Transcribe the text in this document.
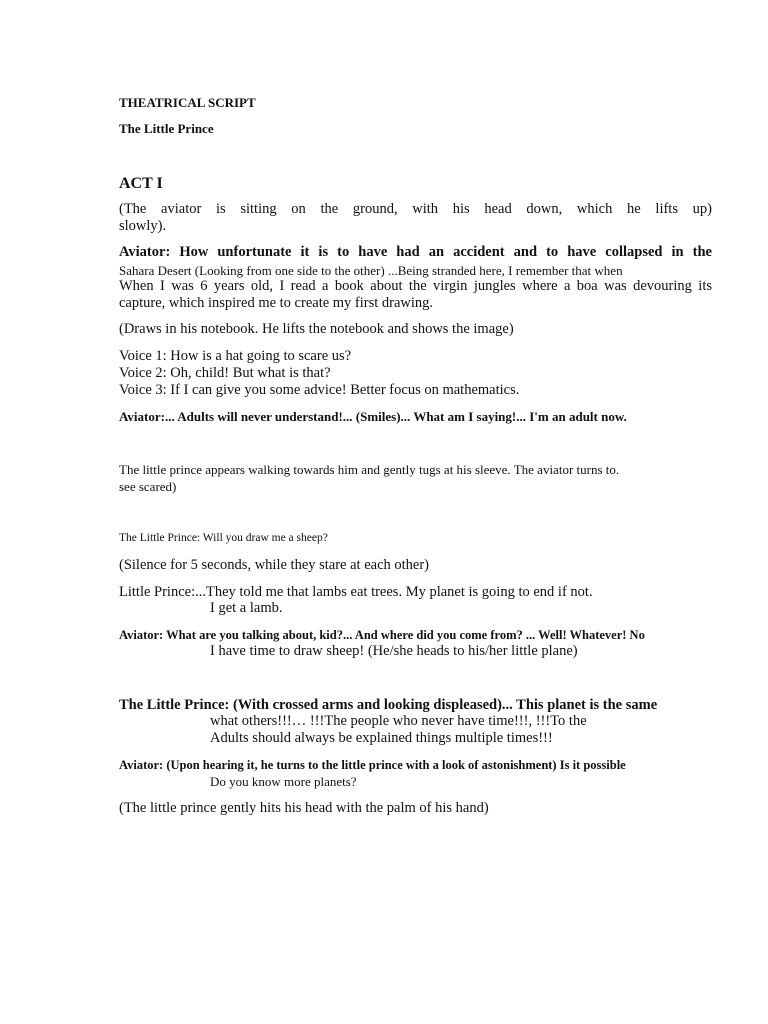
THEATRICAL SCRIPT
The Little Prince
ACT I
(The aviator is sitting on the ground, with his head down, which he lifts up)
slowly).
Aviator: How unfortunate it is to have had an accident and to have collapsed in the
Sahara Desert (Looking from one side to the other) ...Being stranded here, I remember that when
When I was 6 years old, I read a book about the virgin jungles where a boa was devouring its
capture, which inspired me to create my first drawing.
(Draws in his notebook. He lifts the notebook and shows the image)
Voice 1: How is a hat going to scare us?
Voice 2: Oh, child! But what is that?
Voice 3: If I can give you some advice! Better focus on mathematics.
Aviator:... Adults will never understand!... (Smiles)... What am I saying!... I'm an adult now.
The little prince appears walking towards him and gently tugs at his sleeve. The aviator turns to.
see scared)
The Little Prince: Will you draw me a sheep?
(Silence for 5 seconds, while they stare at each other)
Little Prince:...They told me that lambs eat trees. My planet is going to end if not.
I get a lamb.
Aviator: What are you talking about, kid?... And where did you come from? ... Well! Whatever! No
I have time to draw sheep! (He/she heads to his/her little plane)
The Little Prince: (With crossed arms and looking displeased)... This planet is the same
what others!!!… !!!The people who never have time!!!, !!!To the
Adults should always be explained things multiple times!!!
Aviator: (Upon hearing it, he turns to the little prince with a look of astonishment) Is it possible
Do you know more planets?
(The little prince gently hits his head with the palm of his hand)
